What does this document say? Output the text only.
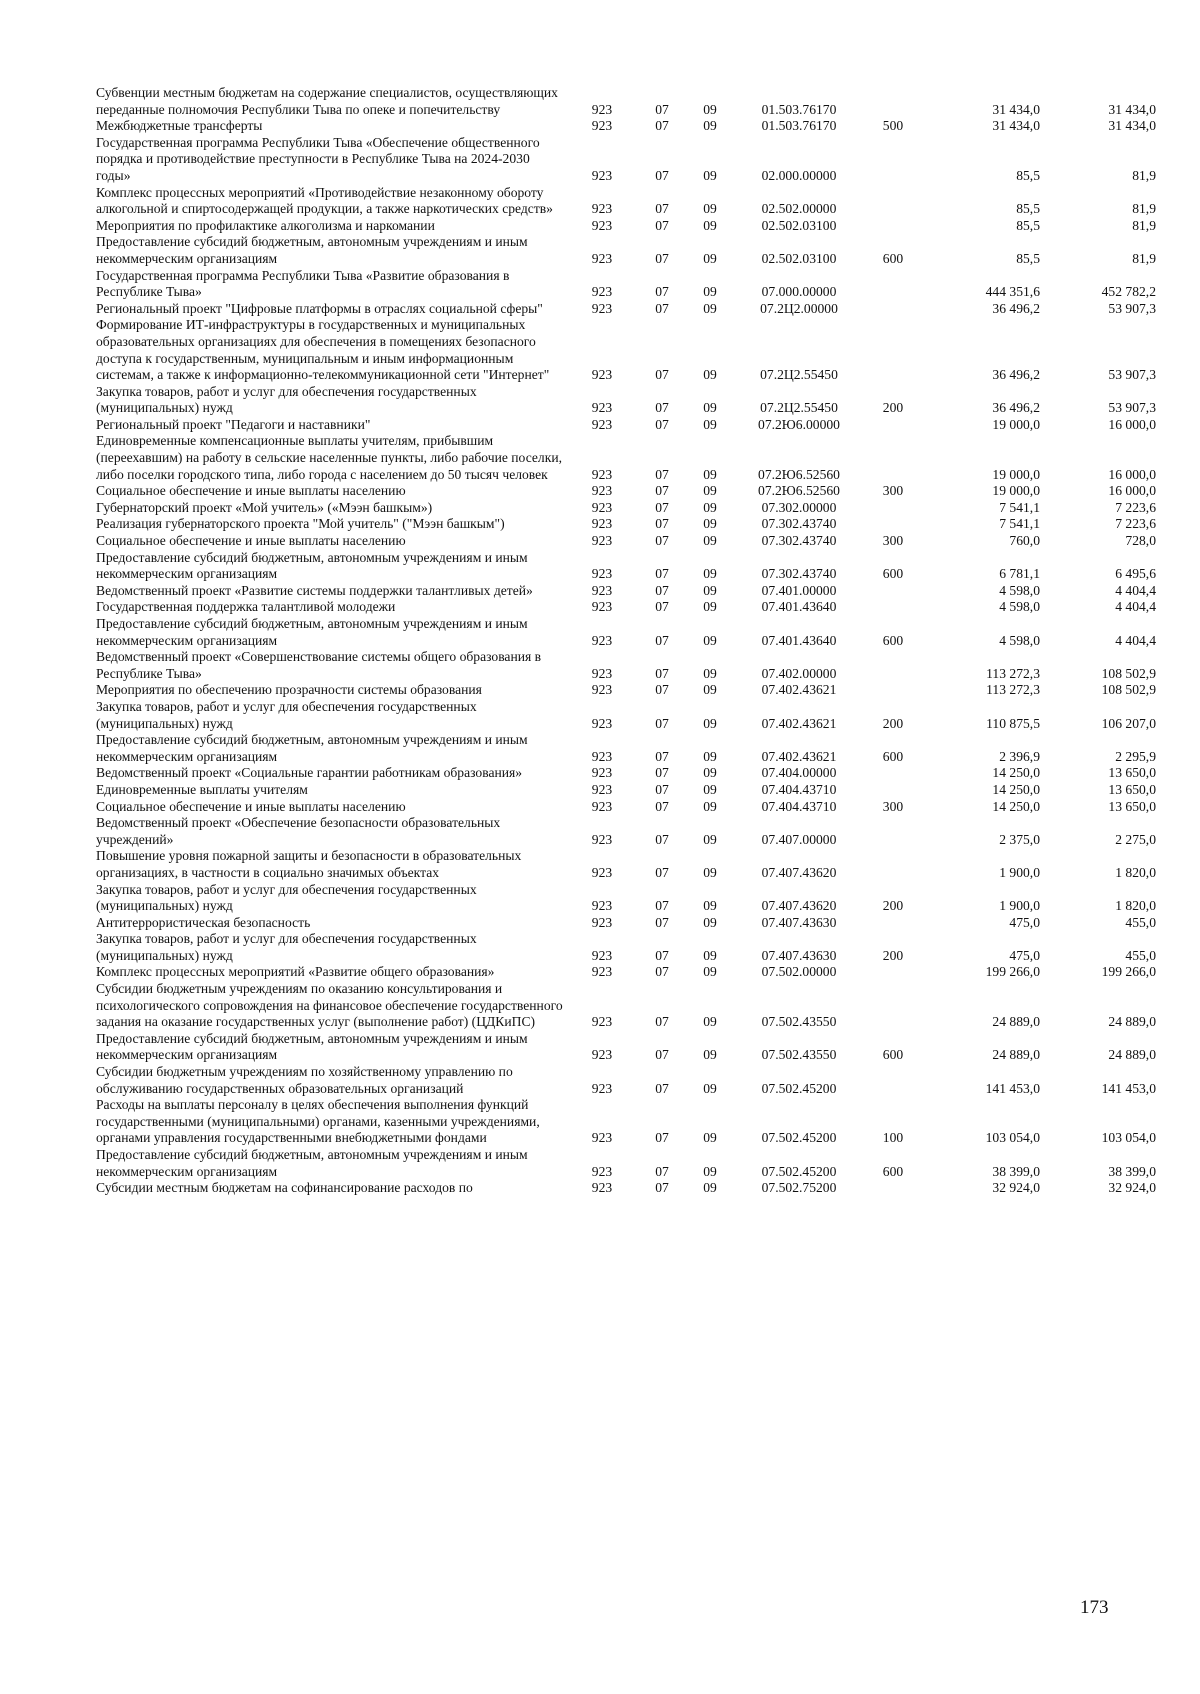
Субвенции местным бюджетам на содержание специалистов, осуществляющих переданные полномочия Республики Тыва по опеке и попечительству	923	07	09	01.503.76170		31 434,0	31 434,0
Межбюджетные трансферты	923	07	09	01.503.76170	500	31 434,0	31 434,0
Государственная программа Республики Тыва «Обеспечение общественного порядка и противодействие преступности в Республике Тыва на 2024-2030 годы»	923	07	09	02.000.00000		85,5	81,9
Комплекс процессных мероприятий «Противодействие незаконному обороту алкогольной и спиртосодержащей продукции, а также наркотических средств»	923	07	09	02.502.00000		85,5	81,9
Мероприятия по профилактике алкоголизма и наркомании	923	07	09	02.502.03100		85,5	81,9
Предоставление субсидий бюджетным, автономным учреждениям и иным некоммерческим организациям	923	07	09	02.502.03100	600	85,5	81,9
Государственная программа Республики Тыва «Развитие образования в Республике Тыва»	923	07	09	07.000.00000		444 351,6	452 782,2
Региональный проект "Цифровые платформы в отраслях социальной сферы"	923	07	09	07.2Ц2.00000		36 496,2	53 907,3
Формирование ИТ-инфраструктуры в государственных и муниципальных образовательных организациях для обеспечения в помещениях безопасного доступа к государственным, муниципальным и иным информационным системам, а также к информационно-телекоммуникационной сети "Интернет"	923	07	09	07.2Ц2.55450		36 496,2	53 907,3
Закупка товаров, работ и услуг для обеспечения государственных (муниципальных) нужд	923	07	09	07.2Ц2.55450	200	36 496,2	53 907,3
Региональный проект "Педагоги и наставники"	923	07	09	07.2Ю6.00000		19 000,0	16 000,0
Единовременные компенсационные выплаты учителям, прибывшим (переехавшим) на работу в сельские населенные пункты, либо рабочие поселки, либо поселки городского типа, либо города с населением до 50 тысяч человек	923	07	09	07.2Ю6.52560		19 000,0	16 000,0
Социальное обеспечение и иные выплаты населению	923	07	09	07.2Ю6.52560	300	19 000,0	16 000,0
Губернаторский проект «Мой учитель» («Мээн башкым»)	923	07	09	07.302.00000		7 541,1	7 223,6
Реализация губернаторского проекта "Мой учитель" ("Мээн башкым")	923	07	09	07.302.43740		7 541,1	7 223,6
Социальное обеспечение и иные выплаты населению	923	07	09	07.302.43740	300	760,0	728,0
Предоставление субсидий бюджетным, автономным учреждениям и иным некоммерческим организациям	923	07	09	07.302.43740	600	6 781,1	6 495,6
Ведомственный проект «Развитие системы поддержки талантливых детей»	923	07	09	07.401.00000		4 598,0	4 404,4
Государственная поддержка талантливой молодежи	923	07	09	07.401.43640		4 598,0	4 404,4
Предоставление субсидий бюджетным, автономным учреждениям и иным некоммерческим организациям	923	07	09	07.401.43640	600	4 598,0	4 404,4
Ведомственный проект «Совершенствование системы общего образования в Республике Тыва»	923	07	09	07.402.00000		113 272,3	108 502,9
Мероприятия по обеспечению прозрачности системы образования	923	07	09	07.402.43621		113 272,3	108 502,9
Закупка товаров, работ и услуг для обеспечения государственных (муниципальных) нужд	923	07	09	07.402.43621	200	110 875,5	106 207,0
Предоставление субсидий бюджетным, автономным учреждениям и иным некоммерческим организациям	923	07	09	07.402.43621	600	2 396,9	2 295,9
Ведомственный проект «Социальные гарантии работникам образования»	923	07	09	07.404.00000		14 250,0	13 650,0
Единовременные выплаты учителям	923	07	09	07.404.43710		14 250,0	13 650,0
Социальное обеспечение и иные выплаты населению	923	07	09	07.404.43710	300	14 250,0	13 650,0
Ведомственный проект «Обеспечение безопасности образовательных учреждений»	923	07	09	07.407.00000		2 375,0	2 275,0
Повышение уровня пожарной защиты и безопасности в образовательных организациях, в частности в социально значимых объектах	923	07	09	07.407.43620		1 900,0	1 820,0
Закупка товаров, работ и услуг для обеспечения государственных (муниципальных) нужд	923	07	09	07.407.43620	200	1 900,0	1 820,0
Антитеррористическая безопасность	923	07	09	07.407.43630		475,0	455,0
Закупка товаров, работ и услуг для обеспечения государственных (муниципальных) нужд	923	07	09	07.407.43630	200	475,0	455,0
Комплекс процессных мероприятий «Развитие общего образования»	923	07	09	07.502.00000		199 266,0	199 266,0
Субсидии бюджетным учреждениям по оказанию консультирования и психологического сопровождения на финансовое обеспечение государственного задания на оказание государственных услуг (выполнение работ) (ЦДКиПС)	923	07	09	07.502.43550		24 889,0	24 889,0
Предоставление субсидий бюджетным, автономным учреждениям и иным некоммерческим организациям	923	07	09	07.502.43550	600	24 889,0	24 889,0
Субсидии бюджетным учреждениям по хозяйственному управлению по обслуживанию государственных образовательных организаций	923	07	09	07.502.45200		141 453,0	141 453,0
Расходы на выплаты персоналу в целях обеспечения выполнения функций государственными (муниципальными) органами, казенными учреждениями, органами управления государственными внебюджетными фондами	923	07	09	07.502.45200	100	103 054,0	103 054,0
Предоставление субсидий бюджетным, автономным учреждениям и иным некоммерческим организациям	923	07	09	07.502.45200	600	38 399,0	38 399,0
Субсидии местным бюджетам на софинансирование расходов по	923	07	09	07.502.75200		32 924,0	32 924,0
173
